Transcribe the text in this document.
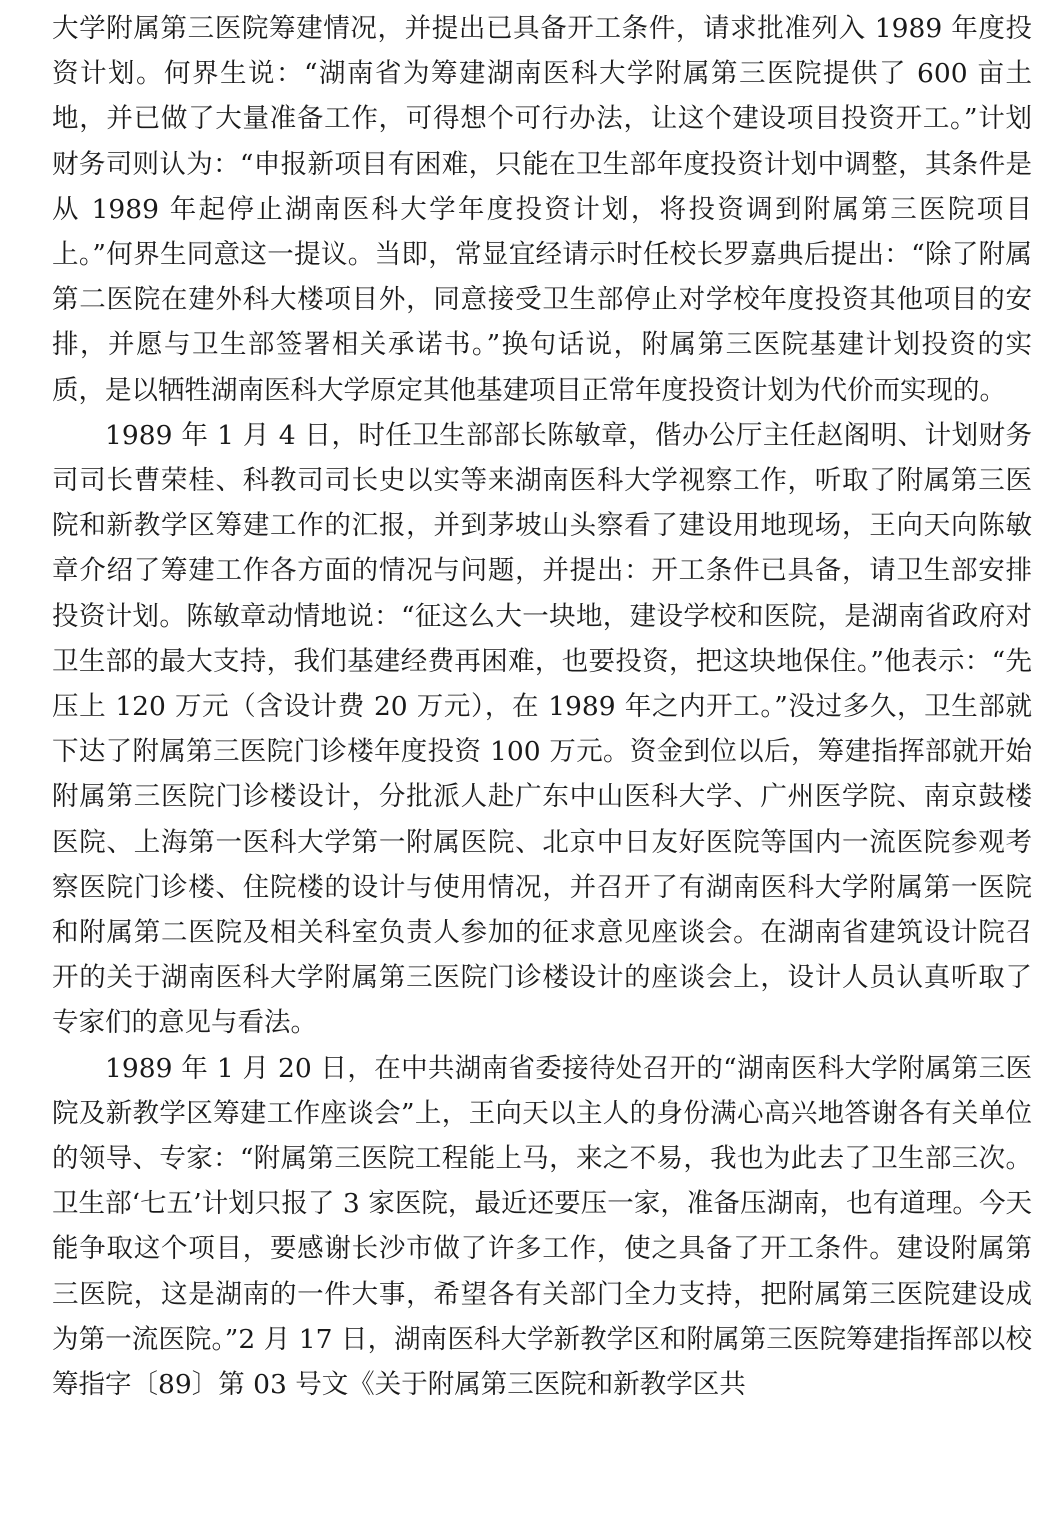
大学附属第三医院筹建情况，并提出已具备开工条件，请求批准列入 1989 年度投资计划。何界生说：“湖南省为筹建湖南医科大学附属第三医院提供了 600 亩土地，并已做了大量准备工作，可得想个可行办法，让这个建设项目投资开工。”计划财务司则认为：“申报新项目有困难，只能在卫生部年度投资计划中调整，其条件是从 1989 年起停止湖南医科大学年度投资计划，将投资调到附属第三医院项目上。”何界生同意这一提议。当即，常显宜经请示时任校长罗嘉典后提出：“除了附属第二医院在建外科大楼项目外，同意接受卫生部停止对学校年度投资其他项目的安排，并愿与卫生部签署相关承诺书。”换句话说，附属第三医院基建计划投资的实质，是以牺牲湖南医科大学原定其他基建项目正常年度投资计划为代价而实现的。

1989 年 1 月 4 日，时任卫生部部长陈敏章，偕办公厅主任赵阁明、计划财务司司长曹荣桂、科教司司长史以实等来湖南医科大学视察工作，听取了附属第三医院和新教学区筹建工作的汇报，并到茅坡山头察看了建设用地现场，王向天向陈敏章介绍了筹建工作各方面的情况与问题，并提出：开工条件已具备，请卫生部安排投资计划。陈敏章动情地说：“征这么大一块地，建设学校和医院，是湖南省政府对卫生部的最大支持，我们基建经费再困难，也要投资，把这块地保住。”他表示：“先压上 120 万元（含设计费 20 万元），在 1989 年之内开工。”没过多久，卫生部就下达了附属第三医院门诊楼年度投资 100 万元。资金到位以后，筹建指挥部就开始附属第三医院门诊楼设计，分批派人赴广东中山医科大学、广州医学院、南京鼓楼医院、上海第一医科大学第一附属医院、北京中日友好医院等国内一流医院参观考察医院门诊楼、住院楼的设计与使用情况，并召开了有湖南医科大学附属第一医院和附属第二医院及相关科室负责人参加的征求意见座谈会。在湖南省建筑设计院召开的关于湖南医科大学附属第三医院门诊楼设计的座谈会上，设计人员认真听取了专家们的意见与看法。

1989 年 1 月 20 日，在中共湖南省委接待处召开的“湖南医科大学附属第三医院及新教学区筹建工作座谈会”上，王向天以主人的身份满心高兴地答谢各有关单位的领导、专家：“附属第三医院工程能上马，来之不易，我也为此去了卫生部三次。卫生部‘七五’计划只报了 3 家医院，最近还要压一家，准备压湖南，也有道理。今天能争取这个项目，要感谢长沙市做了许多工作，使之具备了开工条件。建设附属第三医院，这是湖南的一件大事，希望各有关部门全力支持，把附属第三医院建设成为第一流医院。”2 月 17 日，湖南医科大学新教学区和附属第三医院筹建指挥部以校筹指字〔89〕第 03 号文《关于附属第三医院和新教学区共
